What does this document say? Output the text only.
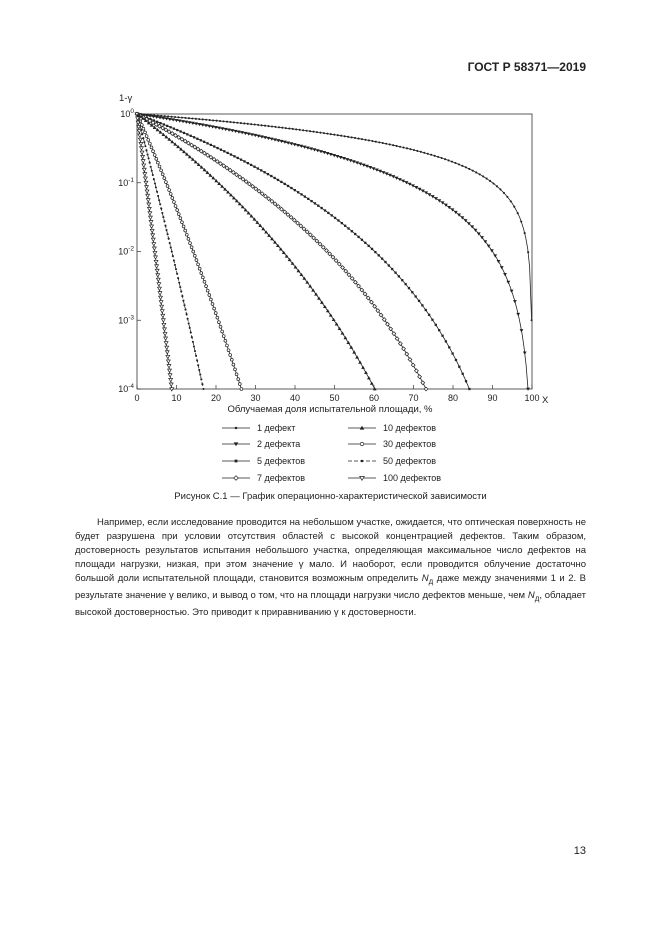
ГОСТ Р 58371—2019
1-γ
Облучаемая доля испытательной площади, %
X
0	10	20	30	40	50	60	70	80	90	100
$10^0$
$10^{-1}$
$10^{-2}$
$10^{-3}$
$10^{-4}$
1 дефект
2 дефекта
5 дефектов
7 дефектов
10 дефектов
30 дефектов
50 дефектов
100 дефектов
Рисунок С.1 — График операционно-характеристической зависимости

Например, если исследование проводится на небольшом участке, ожидается, что оптическая поверхность не будет разрушена при условии отсутствия областей с высокой концентрацией дефектов. Таким образом, достоверность результатов испытания небольшого участка, определяющая максимальное число дефектов на площади нагрузки, низкая, при этом значение γ мало. И наоборот, если проводится облучение достаточно большой доли испытательной площади, становится возможным определить $N_д$ даже между значениями 1 и 2. В результате значение γ велико, и вывод о том, что на площади нагрузки число дефектов меньше, чем $N_д$, обладает высокой достоверностью. Это приводит к приравниванию γ к достоверности.

13
